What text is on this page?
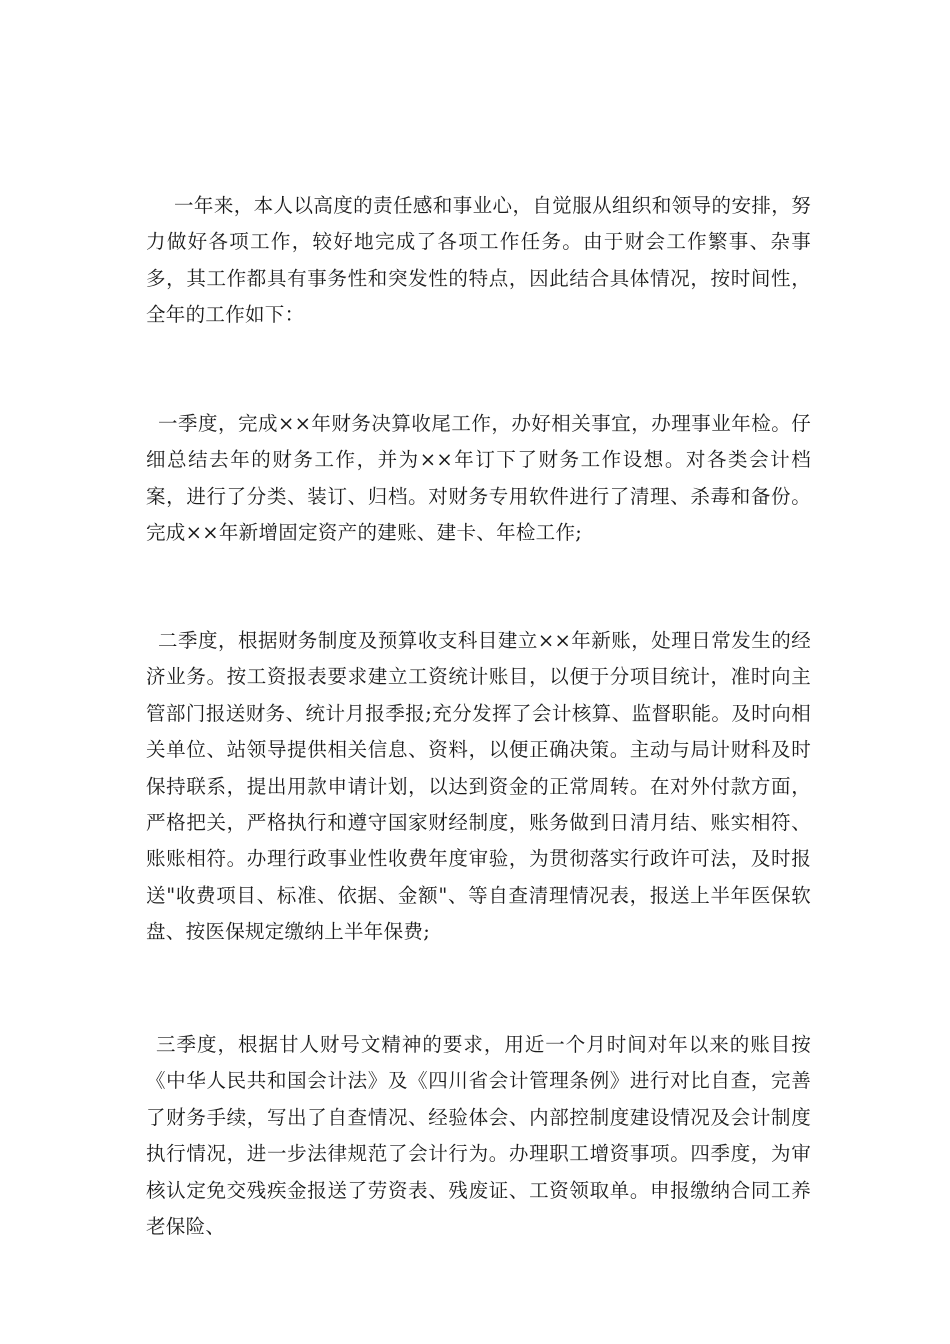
一年来，本人以高度的责任感和事业心，自觉服从组织和领导的安排，努力做好各项工作，较好地完成了各项工作任务。由于财会工作繁事、杂事多，其工作都具有事务性和突发性的特点，因此结合具体情况，按时间性，全年的工作如下：

一季度，完成××年财务决算收尾工作，办好相关事宜，办理事业年检。仔细总结去年的财务工作，并为××年订下了财务工作设想。对各类会计档案，进行了分类、装订、归档。对财务专用软件进行了清理、杀毒和备份。完成××年新增固定资产的建账、建卡、年检工作;

二季度，根据财务制度及预算收支科目建立××年新账，处理日常发生的经济业务。按工资报表要求建立工资统计账目，以便于分项目统计，准时向主管部门报送财务、统计月报季报;充分发挥了会计核算、监督职能。及时向相关单位、站领导提供相关信息、资料，以便正确决策。主动与局计财科及时保持联系，提出用款申请计划，以达到资金的正常周转。在对外付款方面，严格把关，严格执行和遵守国家财经制度，账务做到日清月结、账实相符、账账相符。办理行政事业性收费年度审验，为贯彻落实行政许可法，及时报送"收费项目、标准、依据、金额"、等自查清理情况表，报送上半年医保软盘、按医保规定缴纳上半年保费;

三季度，根据甘人财号文精神的要求，用近一个月时间对年以来的账目按《中华人民共和国会计法》及《四川省会计管理条例》进行对比自查，完善了财务手续，写出了自查情况、经验体会、内部控制度建设情况及会计制度执行情况，进一步法律规范了会计行为。办理职工增资事项。四季度，为审核认定免交残疾金报送了劳资表、残废证、工资领取单。申报缴纳合同工养老保险、
